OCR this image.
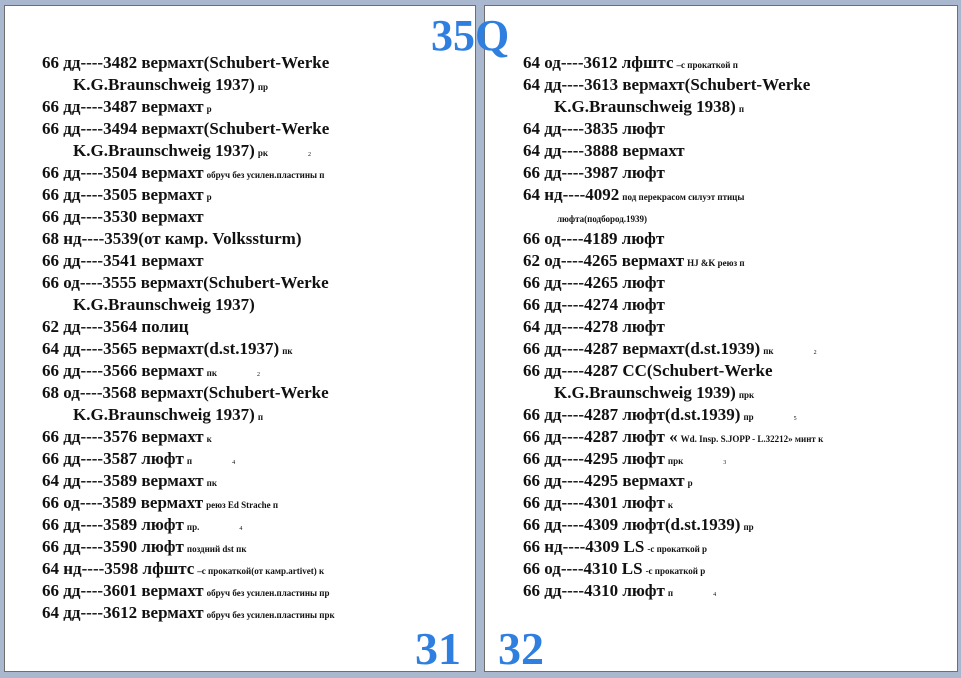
66 дд----3482 вермахт(Schubert-Werke
K.G.Braunschweig 1937) пр
66 дд----3487 вермахт р
66 дд----3494 вермахт(Schubert-Werke
K.G.Braunschweig 1937) рк	2
66 дд----3504 вермахт обруч без усилен.пластины п
66 дд----3505 вермахт р
66 дд----3530 вермахт
68 нд----3539(от камр. Volkssturm)
66 дд----3541 вермахт
66 од----3555 вермахт(Schubert-Werke
K.G.Braunschweig 1937)
62 дд----3564 полиц
64 дд----3565 вермахт(d.st.1937) пк
66 дд----3566 вермахт пк	2
68 од----3568 вермахт(Schubert-Werke
K.G.Braunschweig 1937) п
66 дд----3576 вермахт к
66 дд----3587 люфт п	4
64 дд----3589 вермахт пк
66 од----3589 вермахт реюз Ed Strache п
66 дд----3589 люфт пр.	4
66 дд----3590 люфт поздний dst пк
64 нд----3598 лфштс –с прокаткой(от камр.artivet) к
66 дд----3601 вермахт обруч без усилен.пластины пр
64 дд----3612 вермахт обруч без усилен.пластины прк
31
64 од----3612 лфштс –с прокаткой п
64 дд----3613 вермахт(Schubert-Werke
K.G.Braunschweig 1938) п
64 дд----3835 люфт
64 дд----3888 вермахт
66 дд----3987 люфт
64 нд----4092 под перекрасом силуэт птицы
люфта(подбород.1939)
66 од----4189 люфт
62 од----4265 вермахт HJ &K реюз п
66 дд----4265 люфт
66 дд----4274 люфт
64 дд----4278 люфт
66 дд----4287 вермахт(d.st.1939) пк	2
66 дд----4287 СС(Schubert-Werke
K.G.Braunschweig 1939) прк
66 дд----4287 люфт(d.st.1939) пр	5
66 дд----4287 люфт « Wd. Insp. S.JOPP - L.32212» минт к
66 дд----4295 люфт прк	3
66 дд----4295 вермахт р
66 дд----4301 люфт к
66 дд----4309 люфт(d.st.1939) пр
66 нд----4309 LS -с прокаткой р
66 од----4310 LS -с прокаткой р
66 дд----4310 люфт п	4
32
35Q
